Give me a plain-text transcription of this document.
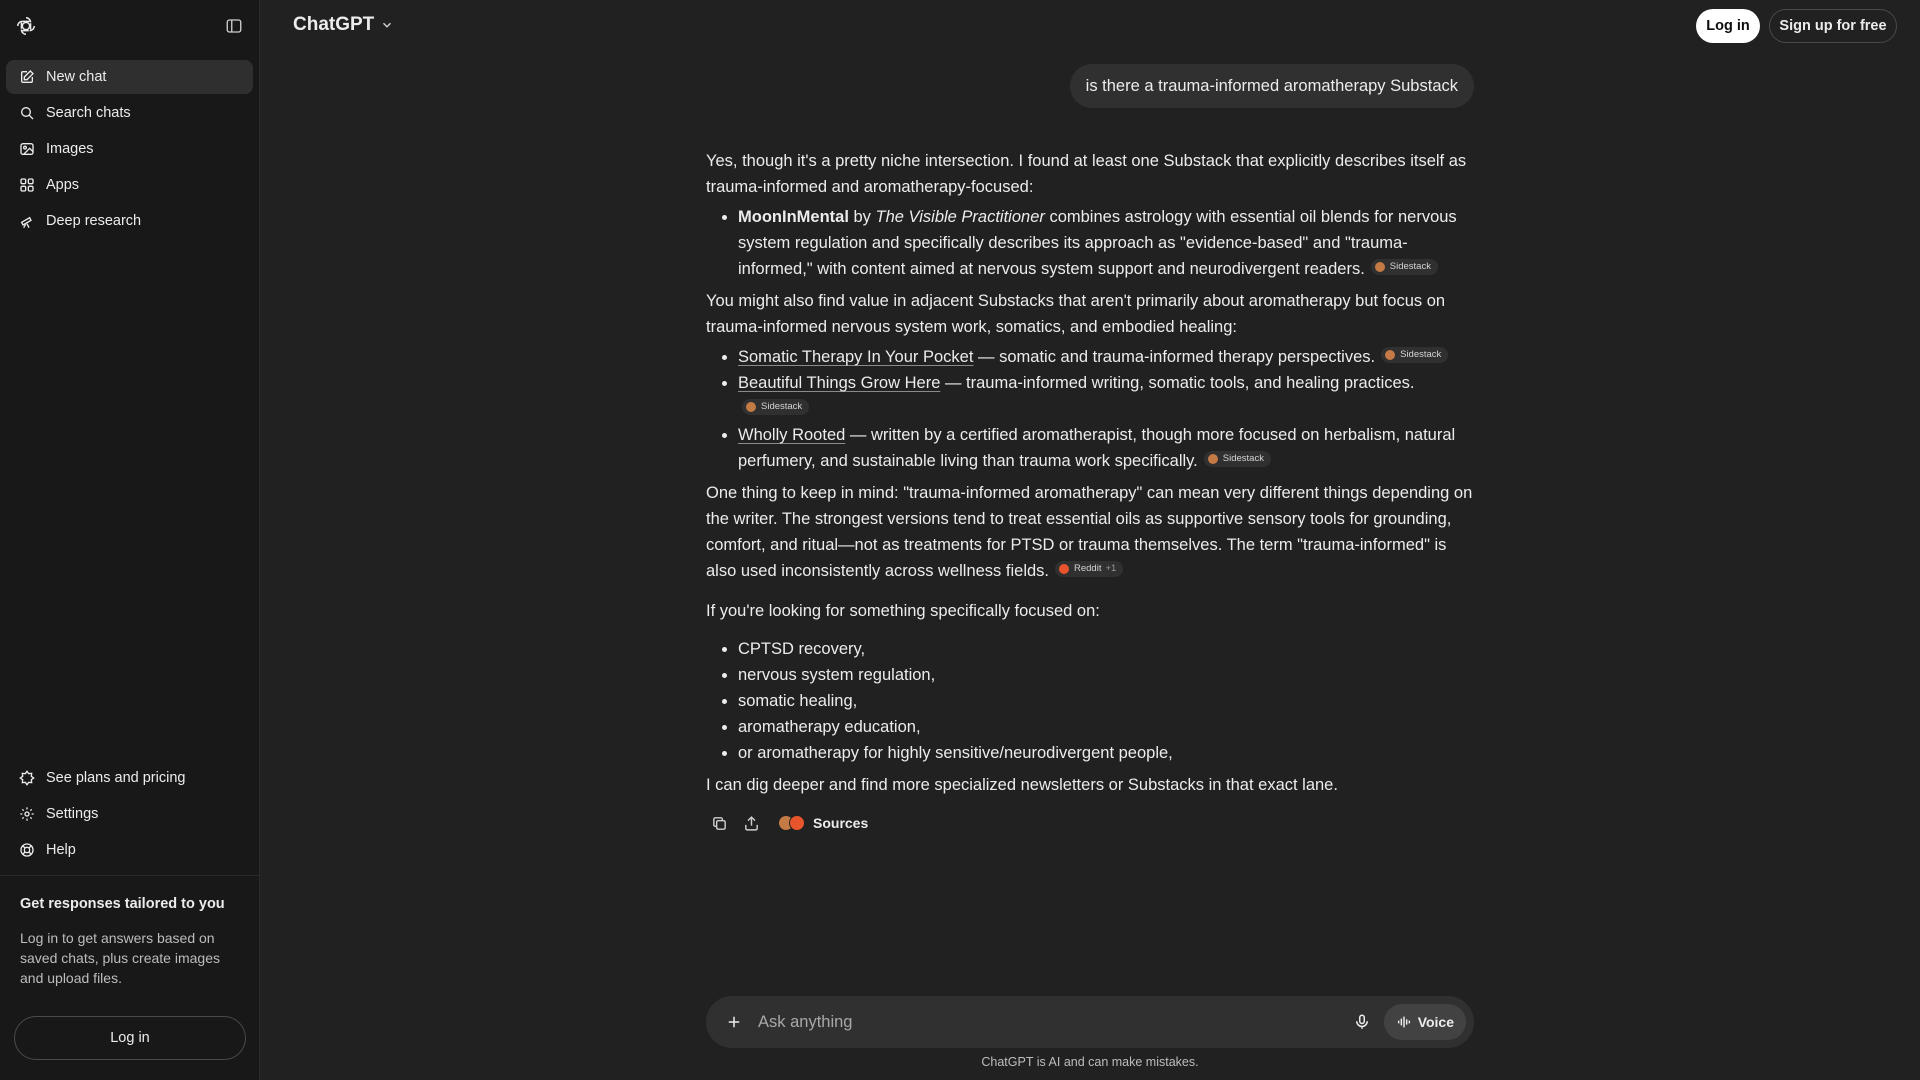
New chat
Search chats
Images
Apps
Deep research
See plans and pricing
Settings
Help
Get responses tailored to you
Log in to get answers based on saved chats, plus create images and upload files.
Log in
ChatGPT	Log in	Sign up for free
is there a trauma-informed aromatherapy Substack

Yes, though it's a pretty niche intersection. I found at least one Substack that explicitly describes itself as trauma-informed and aromatherapy-focused:

• MoonInMental by The Visible Practitioner combines astrology with essential oil blends for nervous system regulation and specifically describes its approach as "evidence-based" and "trauma-informed," with content aimed at nervous system support and neurodivergent readers.	Sidestack

You might also find value in adjacent Substacks that aren't primarily about aromatherapy but focus on trauma-informed nervous system work, somatics, and embodied healing:

• Somatic Therapy In Your Pocket — somatic and trauma-informed therapy perspectives.	Sidestack
• Beautiful Things Grow Here — trauma-informed writing, somatic tools, and healing practices.

Sidestack
• Wholly Rooted — written by a certified aromatherapist, though more focused on herbalism, natural perfumery, and sustainable living than trauma work specifically.	Sidestack

One thing to keep in mind: "trauma-informed aromatherapy" can mean very different things depending on the writer. The strongest versions tend to treat essential oils as supportive sensory tools for grounding, comfort, and ritual—not as treatments for PTSD or trauma themselves. The term "trauma-informed" is also used inconsistently across wellness fields.	Reddit +1

If you're looking for something specifically focused on:

• CPTSD recovery,
• nervous system regulation,
• somatic healing,
• aromatherapy education,
• or aromatherapy for highly sensitive/neurodivergent people,

I can dig deeper and find more specialized newsletters or Substacks in that exact lane.

Sources
Ask anything
Voice
ChatGPT is AI and can make mistakes.
